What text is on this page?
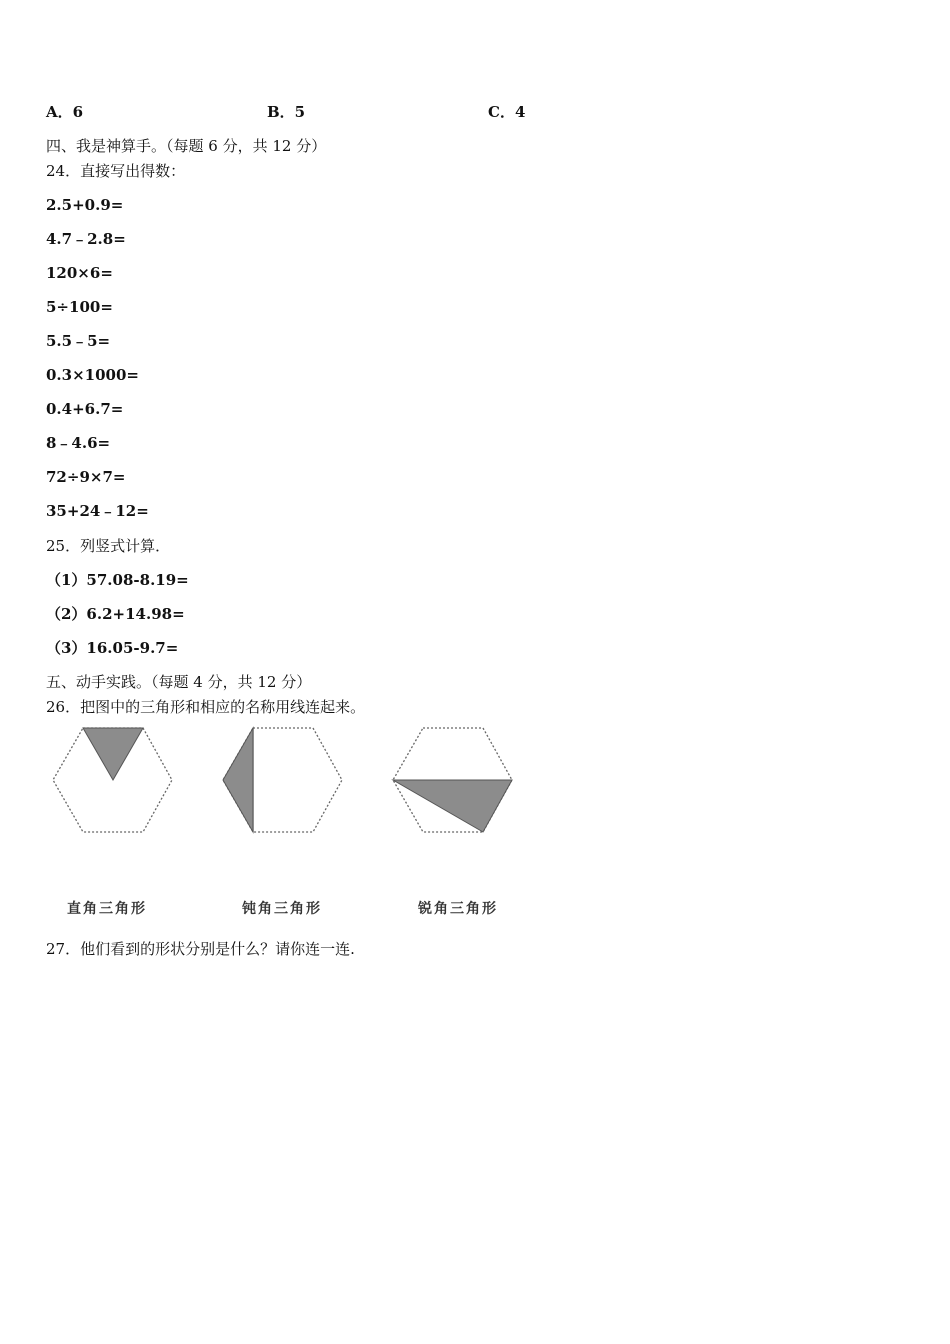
A．6	B．5	C．4
四、我是神算手。（每题 6 分，共 12 分）
24．直接写出得数：
2.5+0.9=
4.7﹣2.8=
120×6=
5÷100=
5.5﹣5=
0.3×1000=
0.4+6.7=
8﹣4.6=
72÷9×7=
35+24﹣12=
25．列竖式计算．
（1）57.08-8.19=
（2）6.2+14.98=
（3）16.05-9.7=
五、动手实践。（每题 4 分，共 12 分）
26．把图中的三角形和相应的名称用线连起来。
直角三角形	钝角三角形	锐角三角形
27．他们看到的形状分别是什么？请你连一连.
